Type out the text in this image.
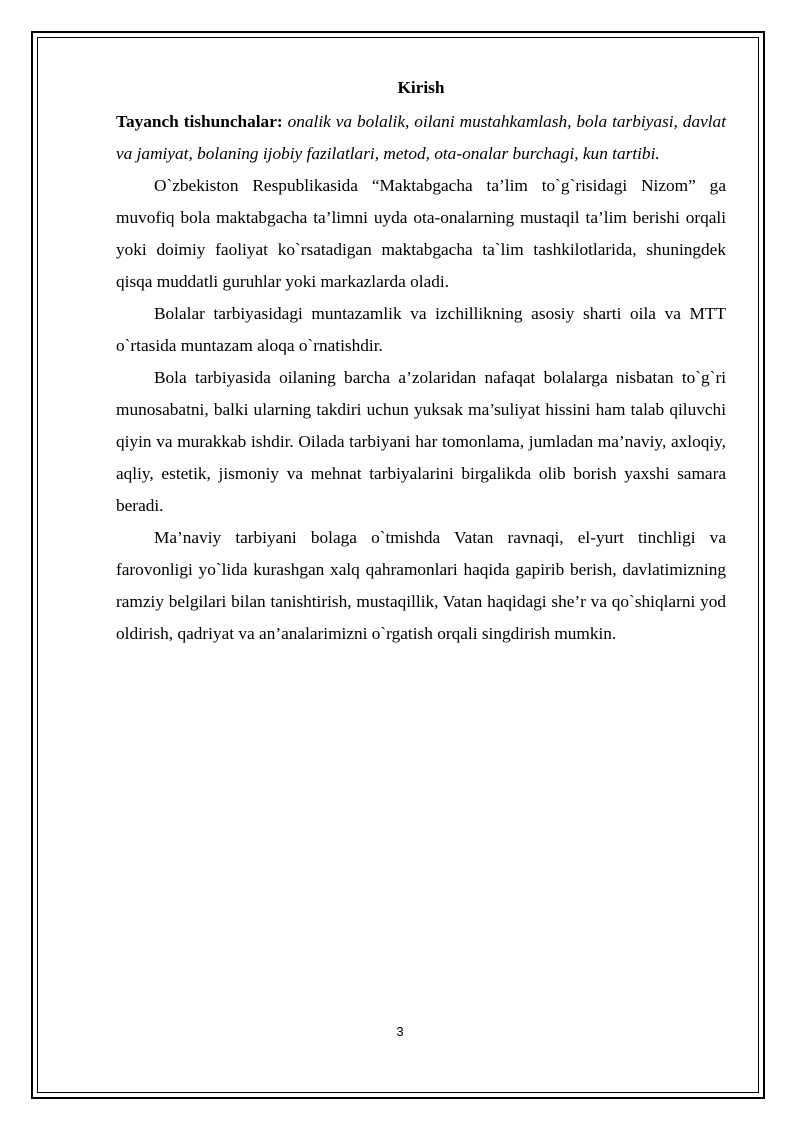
Kirish

Tayanch tishunchalar: onalik va bolalik, oilani mustahkamlash, bola tarbiyasi, davlat va jamiyat, bolaning ijobiy fazilatlari, metod, ota-onalar burchagi, kun tartibi.

O`zbekiston Respublikasida “Maktabgacha ta’lim to`g`risidagi Nizom” ga muvofiq bola maktabgacha ta’limni uyda ota-onalarning mustaqil ta’lim berishi orqali yoki doimiy faoliyat ko`rsatadigan maktabgacha ta`lim tashkilotlarida, shuningdek qisqa muddatli guruhlar yoki markazlarda oladi.

Bolalar tarbiyasidagi muntazamlik va izchillikning asosiy sharti oila va MTT o`rtasida muntazam aloqa o`rnatishdir.

Bola tarbiyasida oilaning barcha a’zolaridan nafaqat bolalarga nisbatan to`g`ri munosabatni, balki ularning takdiri uchun yuksak ma’suliyat hissini ham talab qiluvchi qiyin va murakkab ishdir. Oilada tarbiyani har tomonlama, jumladan ma’naviy, axloqiy, aqliy, estetik, jismoniy va mehnat tarbiyalarini birgalikda olib borish yaxshi samara beradi.

Ma’naviy tarbiyani bolaga o`tmishda Vatan ravnaqi, el-yurt tinchligi va farovonligi yo`lida kurashgan xalq qahramonlari haqida gapirib berish, davlatimizning ramziy belgilari bilan tanishtirish, mustaqillik, Vatan haqidagi she’r va qo`shiqlarni yod oldirish, qadriyat va an’analarimizni o`rgatish orqali singdirish mumkin.

3
